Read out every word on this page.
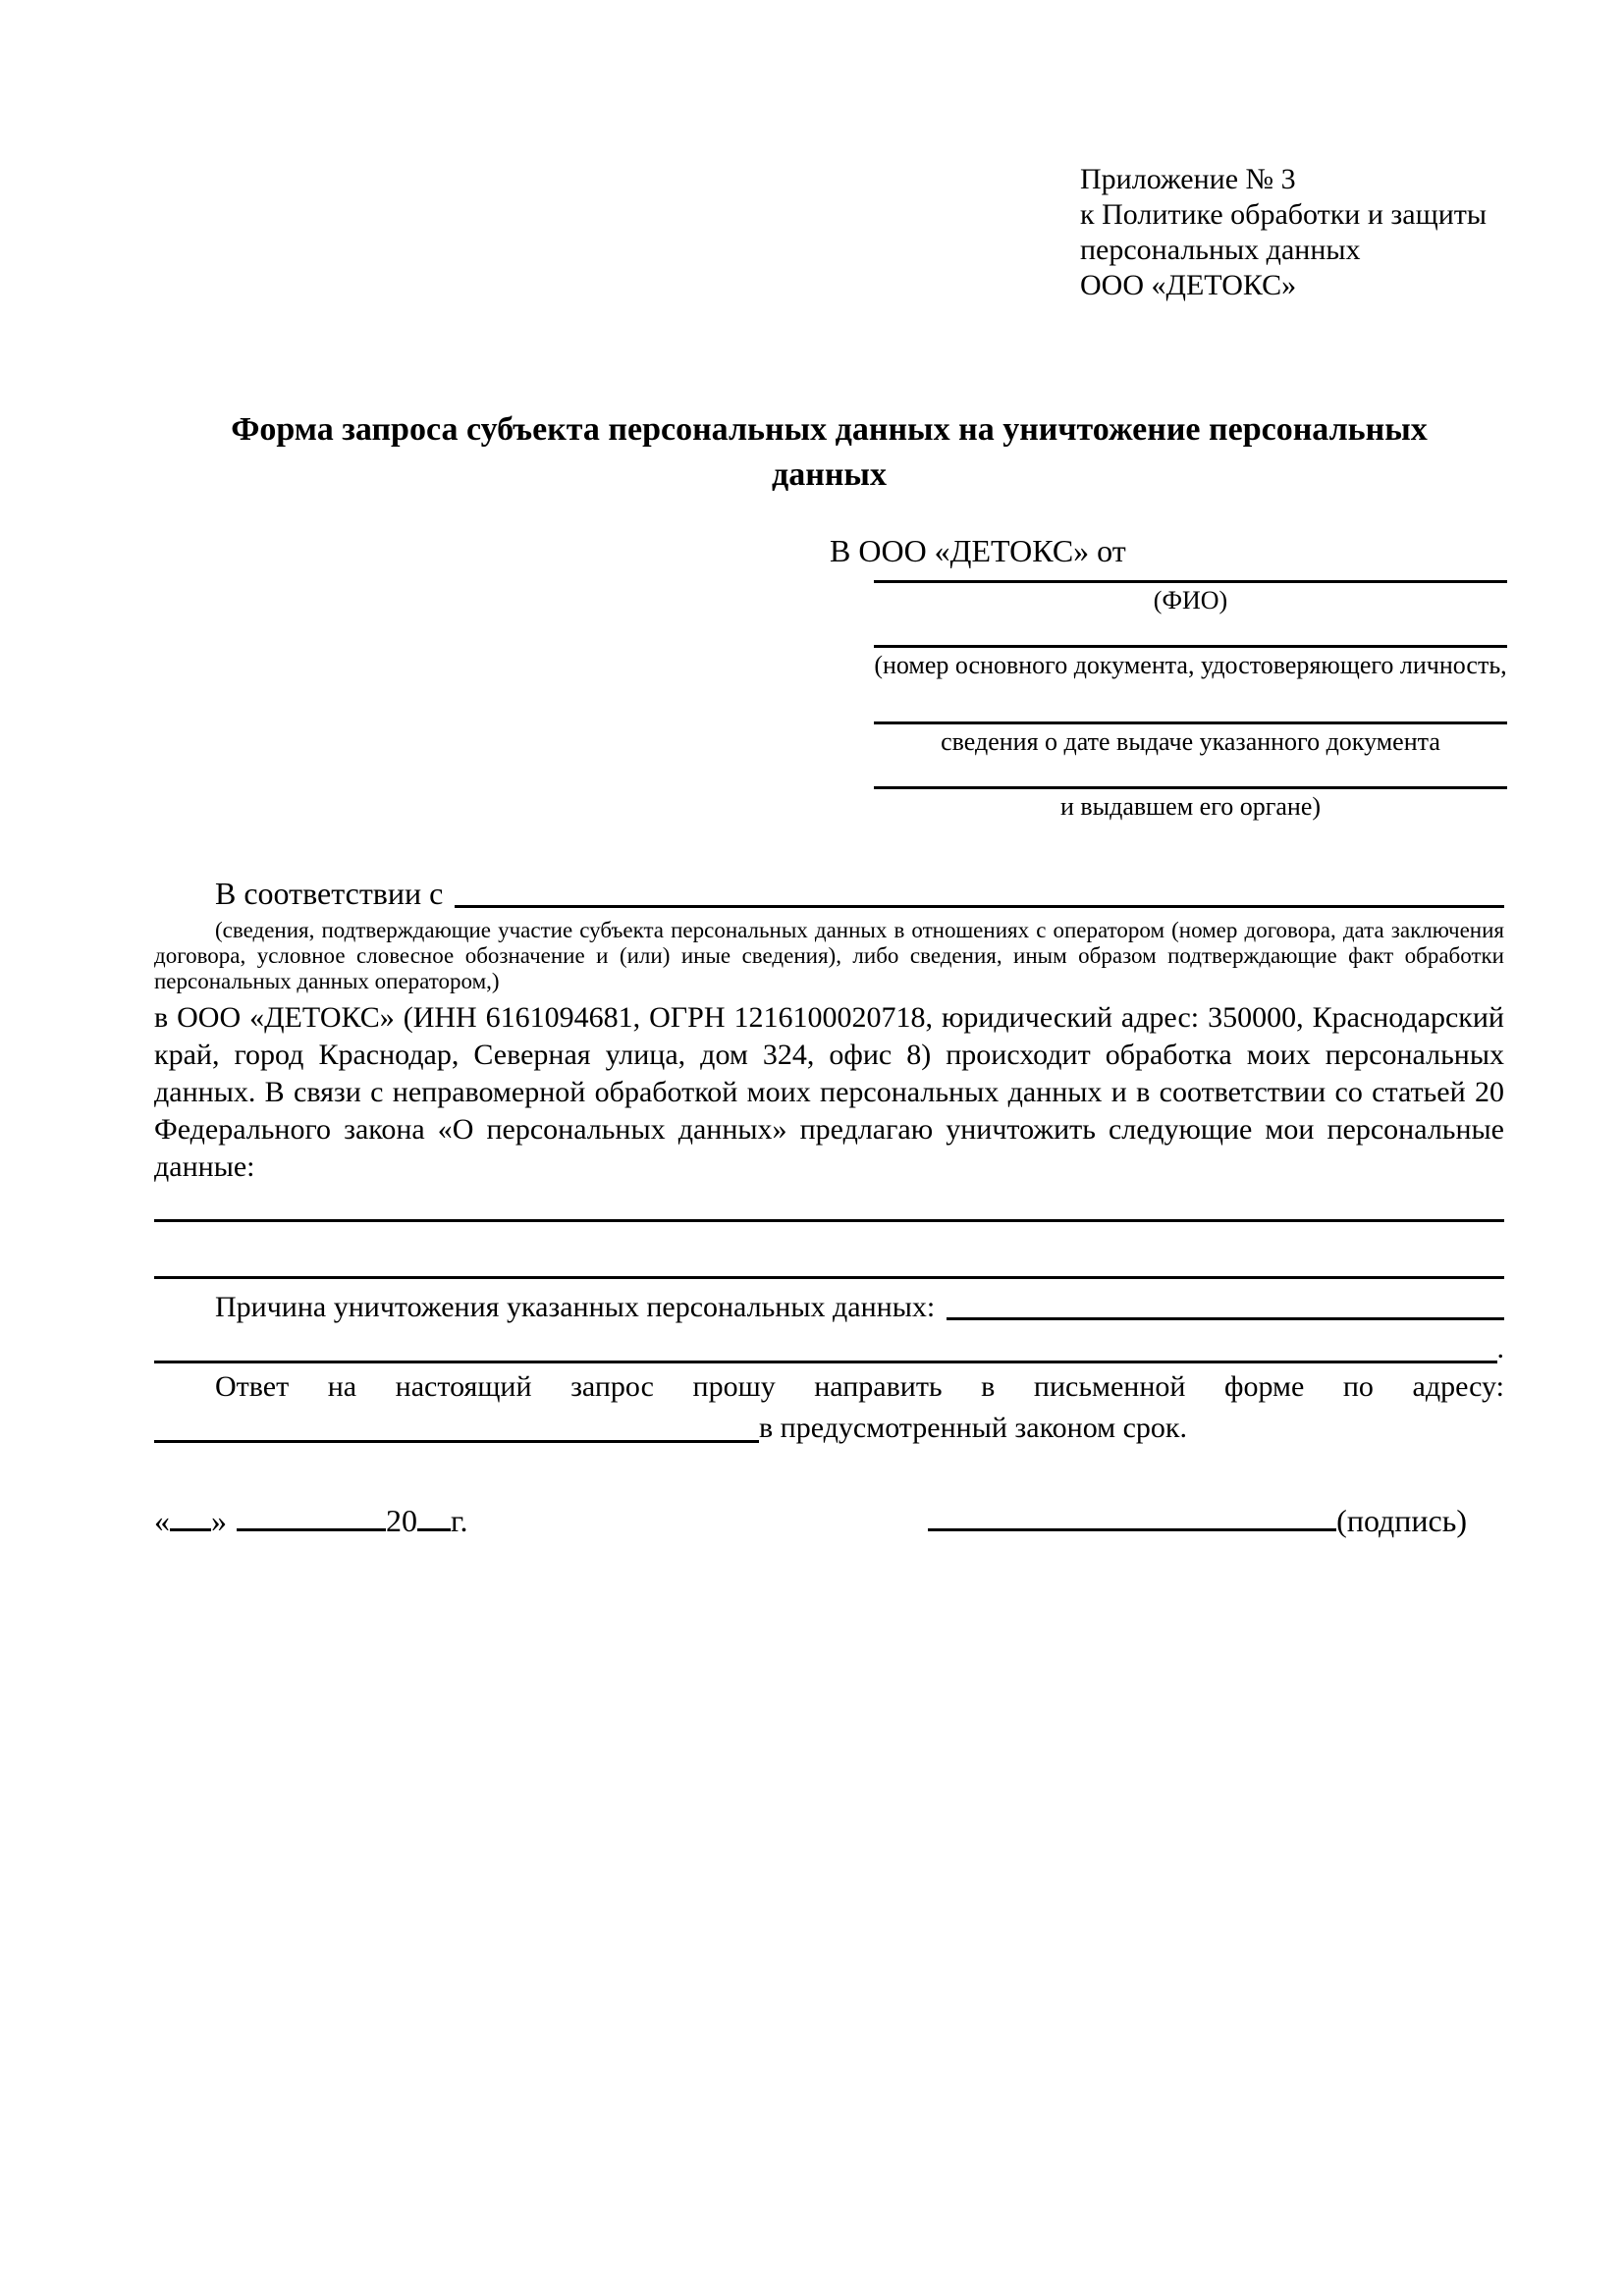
Приложение № 3
к Политике обработки и защиты
персональных данных
ООО «ДЕТОКС»
Форма запроса субъекта персональных данных на уничтожение персональных данных
В ООО «ДЕТОКС» от
(ФИО)
(номер основного документа, удостоверяющего личность,
сведения о дате выдаче указанного документа
и выдавшем его органе)
В соответствии с
(сведения, подтверждающие участие субъекта персональных данных в отношениях с оператором (номер договора, дата заключения договора, условное словесное обозначение и (или) иные сведения), либо сведения, иным образом подтверждающие факт обработки персональных данных оператором,)
в ООО «ДЕТОКС» (ИНН 6161094681, ОГРН 1216100020718, юридический адрес: 350000, Краснодарский край, город Краснодар, Северная улица, дом 324, офис 8) происходит обработка моих персональных данных. В связи с неправомерной обработкой моих персональных данных и в соответствии со статьей 20 Федерального закона «О персональных данных» предлагаю уничтожить следующие мои персональные данные:
Причина уничтожения указанных персональных данных:
.
Ответ на настоящий запрос прошу направить в письменной форме по адресу:
в предусмотренный законом срок.
« »	20 г.	(подпись)
